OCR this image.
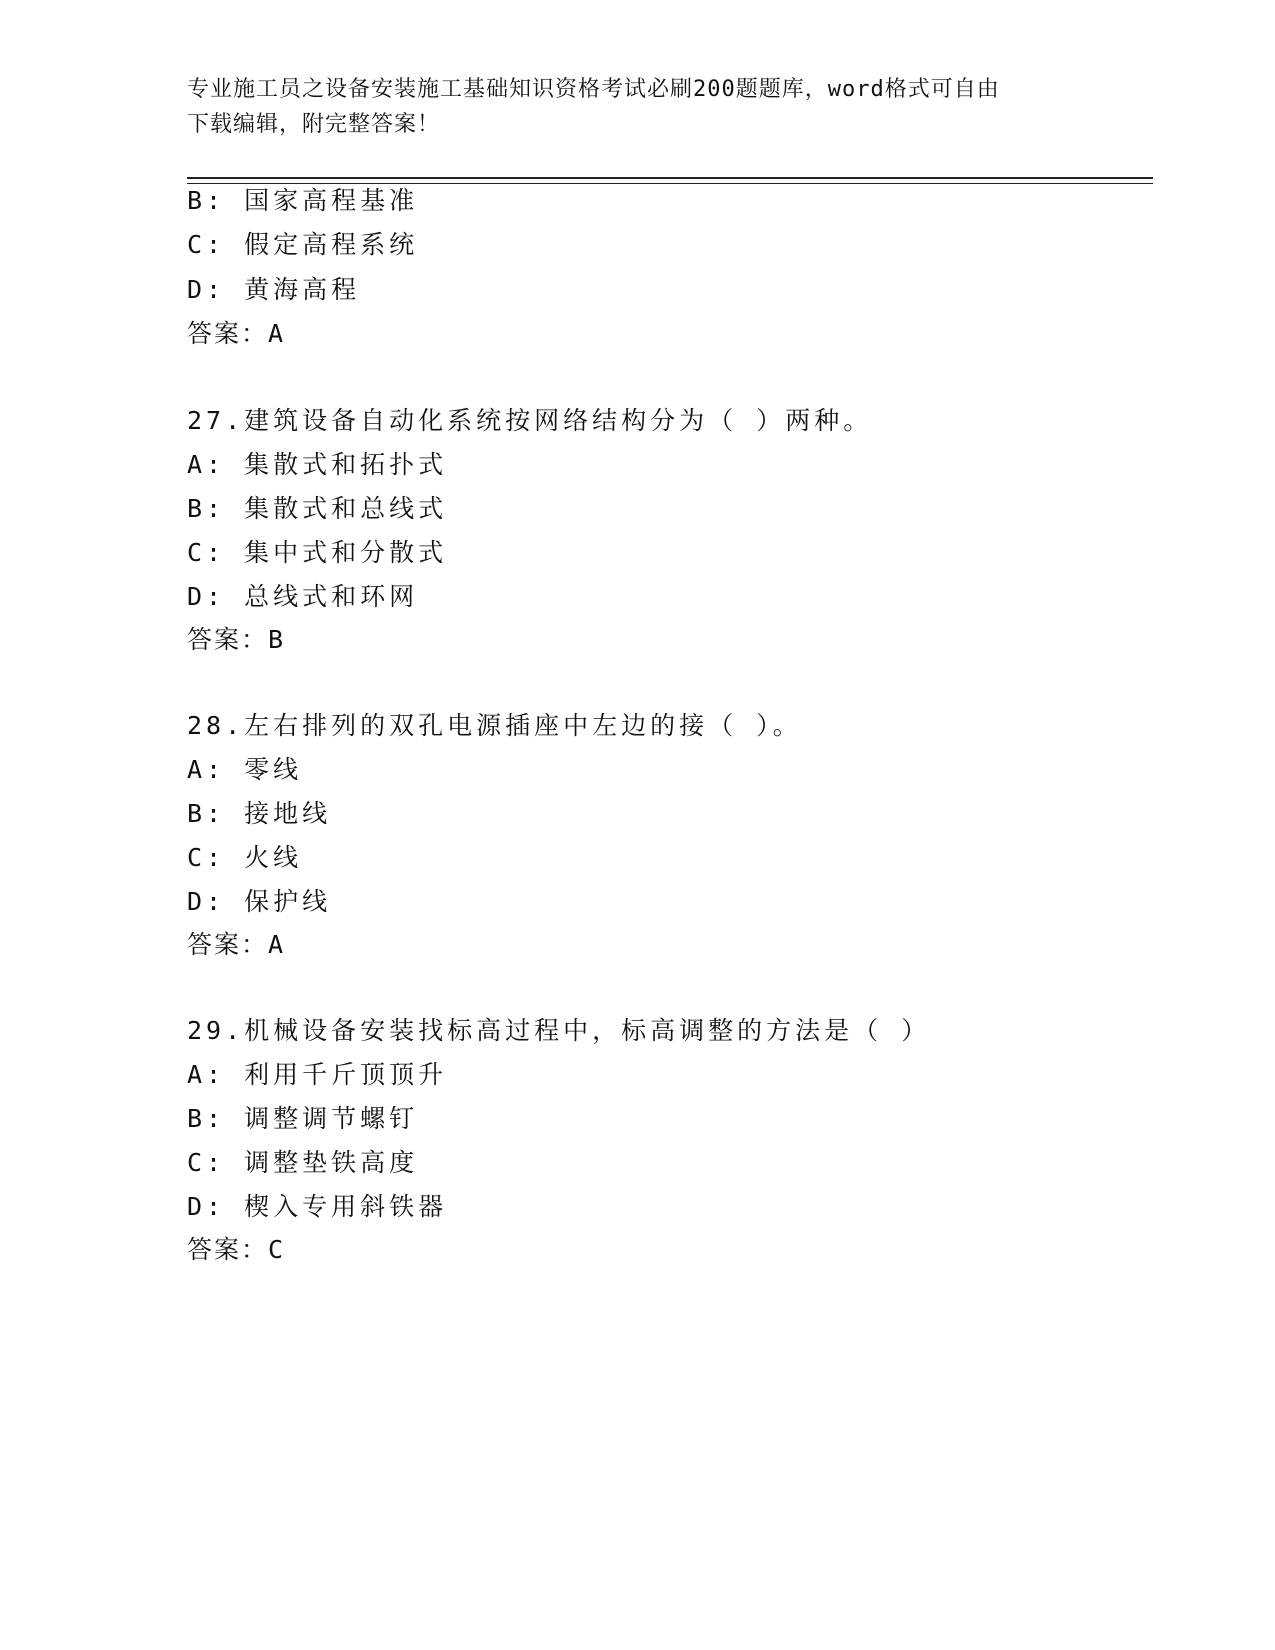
专业施工员之设备安装施工基础知识资格考试必刷200题题库，word格式可自由
下载编辑，附完整答案！
B: 国家高程基准
C: 假定高程系统
D: 黄海高程
答案：A
27.建筑设备自动化系统按网络结构分为（ ）两种。
A: 集散式和拓扑式
B: 集散式和总线式
C: 集中式和分散式
D: 总线式和环网
答案：B
28.左右排列的双孔电源插座中左边的接（ ）。
A: 零线
B: 接地线
C: 火线
D: 保护线
答案：A
29.机械设备安装找标高过程中，标高调整的方法是（ ）
A: 利用千斤顶顶升
B: 调整调节螺钉
C: 调整垫铁高度
D: 楔入专用斜铁器
答案：C
